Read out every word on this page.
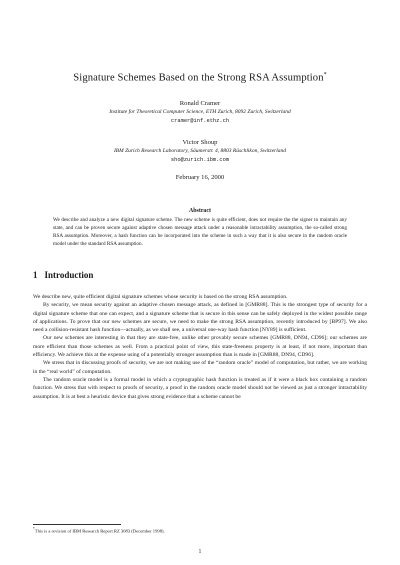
Signature Schemes Based on the Strong RSA Assumption*
Ronald Cramer
Institute for Theoretical Computer Science, ETH Zurich, 8092 Zurich, Switzerland
cramer@inf.ethz.ch
Victor Shoup
IBM Zurich Research Laboratory, Säumerstr. 4, 8803 Rüschlikon, Switzerland
sho@zurich.ibm.com
February 16, 2000
Abstract

We describe and analyze a new digital signature scheme. The new scheme is quite efficient, does not require the the signer to maintain any state, and can be proven secure against adaptive chosen message attack under a reasonable intractability assumption, the so-called strong RSA assumption. Moreover, a hash function can be incorporated into the scheme in such a way that it is also secure in the random oracle model under the standard RSA assumption.

1 Introduction

We describe new, quite efficient digital signature schemes whose security is based on the strong RSA assumption.

By security, we mean security against an adaptive chosen message attack, as defined in [GMR88]. This is the strongest type of security for a digital signature scheme that one can expect, and a signature scheme that is secure in this sense can be safely deployed in the widest possible range of applications. To prove that our new schemes are secure, we need to make the strong RSA assumption, recently introduced by [BP97]. We also need a collision-resistant hash function—actually, as we shall see, a universal one-way hash function [NY89] is sufficient.

Our new schemes are interesting in that they are state-free, unlike other provably secure schemes [GMR88, DN94, CD96]; our schemes are more efficient than those schemes as well. From a practical point of view, this state-freeness property is at least, if not more, important than efficiency. We achieve this at the expense using of a potentially stronger assumption than is made in [GMR88, DN94, CD96].

We stress that in discussing proofs of security, we are not making use of the “random oracle” model of computation, but rather, we are working in the “real world” of computation.

The random oracle model is a formal model in which a cryptographic hash function is treated as if it were a black box containing a random function. We stress that with respect to proofs of security, a proof in the random oracle model should not be viewed as just a stronger intractability assumption. It is at best a heuristic device that gives strong evidence that a scheme cannot be

*This is a revision of IBM Research Report RZ 3083 (December 1998).
1
